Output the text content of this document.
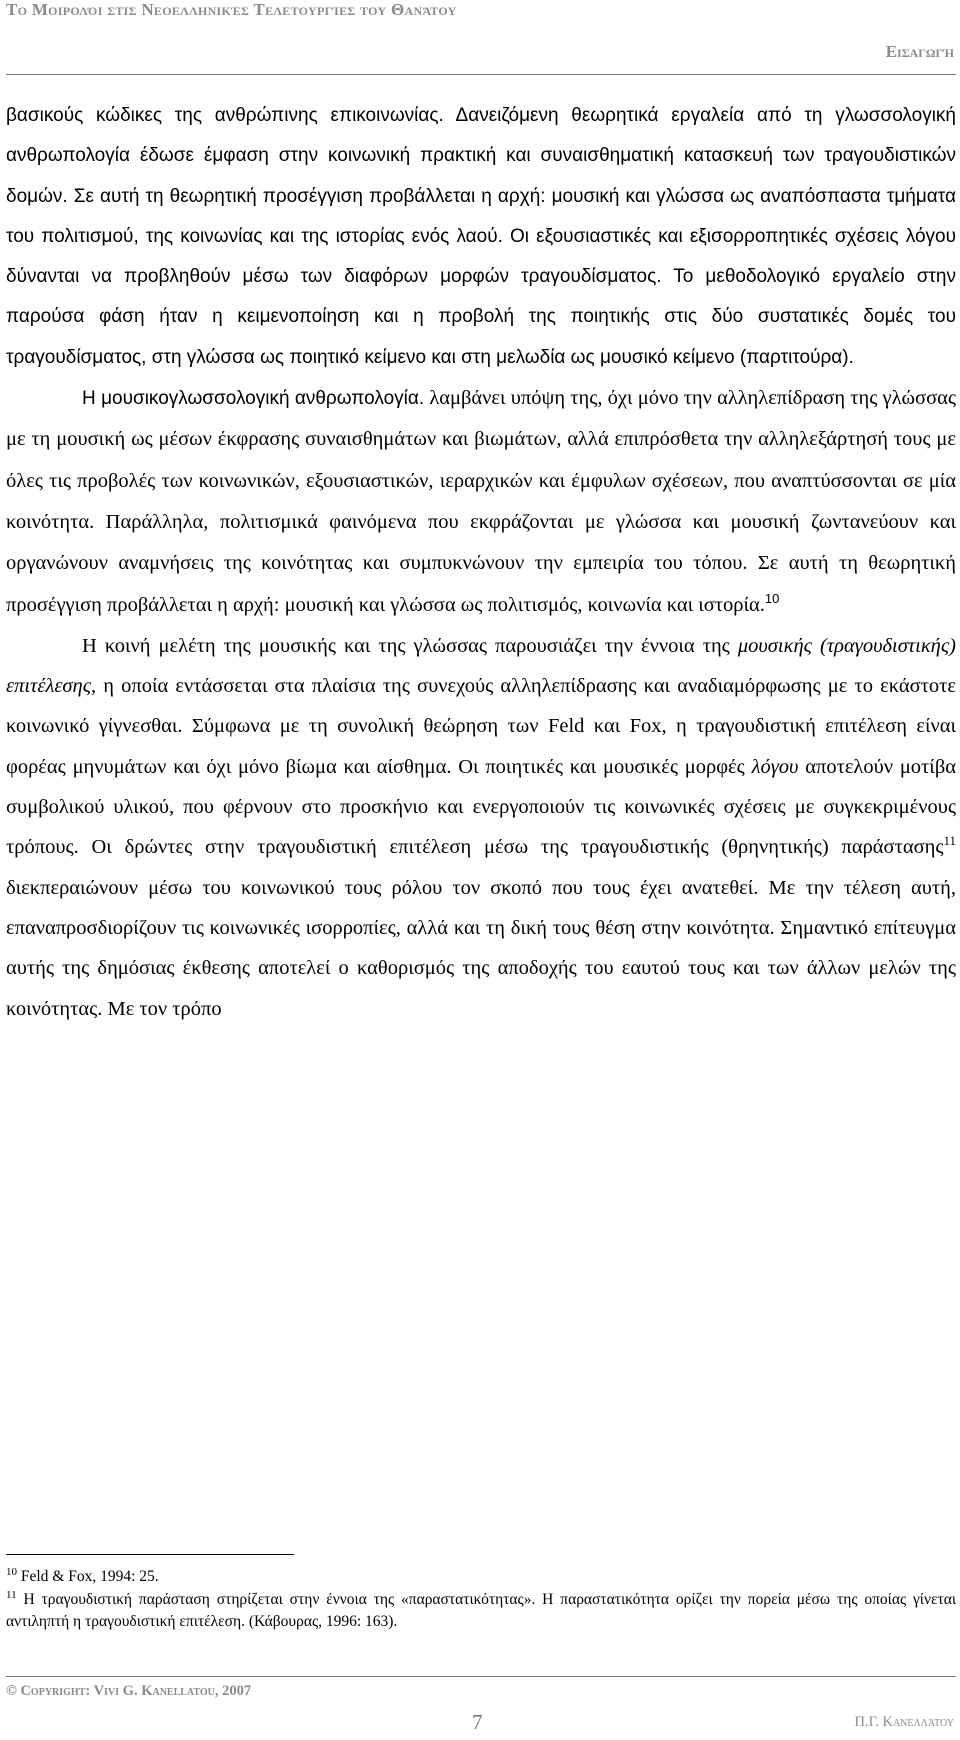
Το Μοιρολόι στις Νεοελληνικές Τελετουργίες του Θανάτου
Εισαγωγή

βασικούς κώδικες της ανθρώπινης επικοινωνίας. Δανειζόμενη θεωρητικά εργαλεία από τη γλωσσολογική ανθρωπολογία έδωσε έμφαση στην κοινωνική πρακτική και συναισθηματική κατασκευή των τραγουδιστικών δομών. Σε αυτή τη θεωρητική προσέγγιση προβάλλεται η αρχή: μουσική και γλώσσα ως αναπόσπαστα τμήματα του πολιτισμού, της κοινωνίας και της ιστορίας ενός λαού. Οι εξουσιαστικές και εξισορροπητικές σχέσεις λόγου δύνανται να προβληθούν μέσω των διαφόρων μορφών τραγουδίσματος. Το μεθοδολογικό εργαλείο στην παρούσα φάση ήταν η κειμενοποίηση και η προβολή της ποιητικής στις δύο συστατικές δομές του τραγουδίσματος, στη γλώσσα ως ποιητικό κείμενο και στη μελωδία ως μουσικό κείμενο (παρτιτούρα).

Η μουσικογλωσσολογική ανθρωπολογία. λαμβάνει υπόψη της, όχι μόνο την αλληλεπίδραση της γλώσσας με τη μουσική ως μέσων έκφρασης συναισθημάτων και βιωμάτων, αλλά επιπρόσθετα την αλληλεξάρτησή τους με όλες τις προβολές των κοινωνικών, εξουσιαστικών, ιεραρχικών και έμφυλων σχέσεων, που αναπτύσσονται σε μία κοινότητα. Παράλληλα, πολιτισμικά φαινόμενα που εκφράζονται με γλώσσα και μουσική ζωντανεύουν και οργανώνουν αναμνήσεις της κοινότητας και συμπυκνώνουν την εμπειρία του τόπου. Σε αυτή τη θεωρητική προσέγγιση προβάλλεται η αρχή: μουσική και γλώσσα ως πολιτισμός, κοινωνία και ιστορία.$^{10}$

Η κοινή μελέτη της μουσικής και της γλώσσας παρουσιάζει την έννοια της μουσικής (τραγουδιστικής) επιτέλεσης, η οποία εντάσσεται στα πλαίσια της συνεχούς αλληλεπίδρασης και αναδιαμόρφωσης με το εκάστοτε κοινωνικό γίγνεσθαι. Σύμφωνα με τη συνολική θεώρηση των Feld και Fox, η τραγουδιστική επιτέλεση είναι φορέας μηνυμάτων και όχι μόνο βίωμα και αίσθημα. Οι ποιητικές και μουσικές μορφές λόγου αποτελούν μοτίβα συμβολικού υλικού, που φέρνουν στο προσκήνιο και ενεργοποιούν τις κοινωνικές σχέσεις με συγκεκριμένους τρόπους. Οι δρώντες στην τραγουδιστική επιτέλεση μέσω της τραγουδιστικής (θρηνητικής) παράστασης$^{11}$ διεκπεραιώνουν μέσω του κοινωνικού τους ρόλου τον σκοπό που τους έχει ανατεθεί. Με την τέλεση αυτή, επαναπροσδιορίζουν τις κοινωνικές ισορροπίες, αλλά και τη δική τους θέση στην κοινότητα. Σημαντικό επίτευγμα αυτής της δημόσιας έκθεσης αποτελεί ο καθορισμός της αποδοχής του εαυτού τους και των άλλων μελών της κοινότητας. Με τον τρόπο

$^{10}$ Feld & Fox, 1994: 25.

$^{11}$ Η τραγουδιστική παράσταση στηρίζεται στην έννοια της «παραστατικότητας». Η παραστατικότητα ορίζει την πορεία μέσω της οποίας γίνεται αντιληπτή η τραγουδιστική επιτέλεση. (Κάβουρας, 1996: 163).

© Copyright: Vivi G. Kanellatou, 2007
7	Π.Γ. Κανελλάτου
